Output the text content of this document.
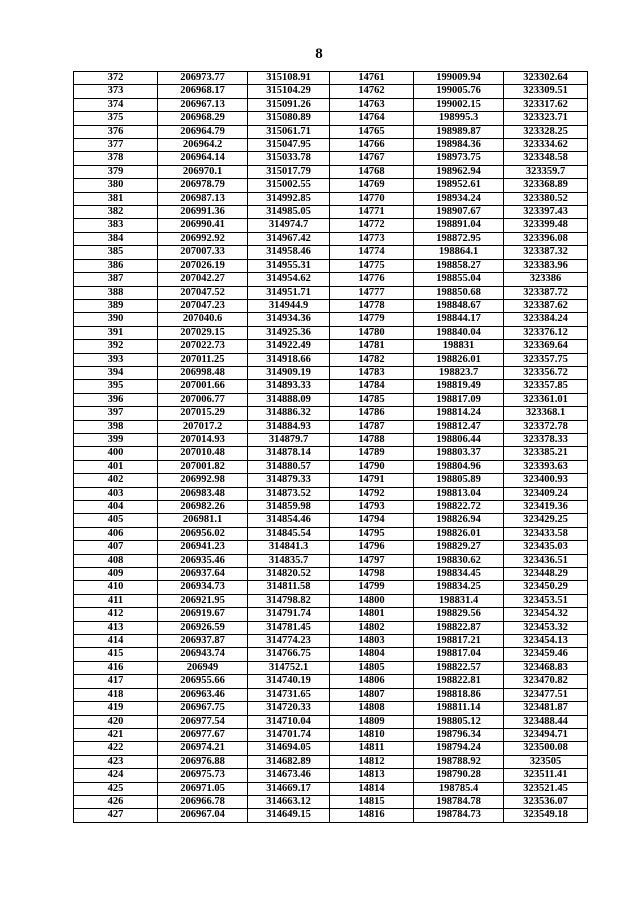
8
372	206973.77	315108.91	14761	199009.94	323302.64
373	206968.17	315104.29	14762	199005.76	323309.51
374	206967.13	315091.26	14763	199002.15	323317.62
375	206968.29	315080.89	14764	198995.3	323323.71
376	206964.79	315061.71	14765	198989.87	323328.25
377	206964.2	315047.95	14766	198984.36	323334.62
378	206964.14	315033.78	14767	198973.75	323348.58
379	206970.1	315017.79	14768	198962.94	323359.7
380	206978.79	315002.55	14769	198952.61	323368.89
381	206987.13	314992.85	14770	198934.24	323380.52
382	206991.36	314985.05	14771	198907.67	323397.43
383	206990.41	314974.7	14772	198891.04	323399.48
384	206992.92	314967.42	14773	198872.95	323396.08
385	207007.33	314958.46	14774	198864.1	323387.32
386	207026.19	314955.31	14775	198858.27	323383.96
387	207042.27	314954.62	14776	198855.04	323386
388	207047.52	314951.71	14777	198850.68	323387.72
389	207047.23	314944.9	14778	198848.67	323387.62
390	207040.6	314934.36	14779	198844.17	323384.24
391	207029.15	314925.36	14780	198840.04	323376.12
392	207022.73	314922.49	14781	198831	323369.64
393	207011.25	314918.66	14782	198826.01	323357.75
394	206998.48	314909.19	14783	198823.7	323356.72
395	207001.66	314893.33	14784	198819.49	323357.85
396	207006.77	314888.09	14785	198817.09	323361.01
397	207015.29	314886.32	14786	198814.24	323368.1
398	207017.2	314884.93	14787	198812.47	323372.78
399	207014.93	314879.7	14788	198806.44	323378.33
400	207010.48	314878.14	14789	198803.37	323385.21
401	207001.82	314880.57	14790	198804.96	323393.63
402	206992.98	314879.33	14791	198805.89	323400.93
403	206983.48	314873.52	14792	198813.04	323409.24
404	206982.26	314859.98	14793	198822.72	323419.36
405	206981.1	314854.46	14794	198826.94	323429.25
406	206956.02	314845.54	14795	198826.01	323433.58
407	206941.23	314841.3	14796	198829.27	323435.03
408	206935.46	314835.7	14797	198830.62	323436.51
409	206937.64	314820.52	14798	198834.45	323448.29
410	206934.73	314811.58	14799	198834.25	323450.29
411	206921.95	314798.82	14800	198831.4	323453.51
412	206919.67	314791.74	14801	198829.56	323454.32
413	206926.59	314781.45	14802	198822.87	323453.32
414	206937.87	314774.23	14803	198817.21	323454.13
415	206943.74	314766.75	14804	198817.04	323459.46
416	206949	314752.1	14805	198822.57	323468.83
417	206955.66	314740.19	14806	198822.81	323470.82
418	206963.46	314731.65	14807	198818.86	323477.51
419	206967.75	314720.33	14808	198811.14	323481.87
420	206977.54	314710.04	14809	198805.12	323488.44
421	206977.67	314701.74	14810	198796.34	323494.71
422	206974.21	314694.05	14811	198794.24	323500.08
423	206976.88	314682.89	14812	198788.92	323505
424	206975.73	314673.46	14813	198790.28	323511.41
425	206971.05	314669.17	14814	198785.4	323521.45
426	206966.78	314663.12	14815	198784.78	323536.07
427	206967.04	314649.15	14816	198784.73	323549.18
